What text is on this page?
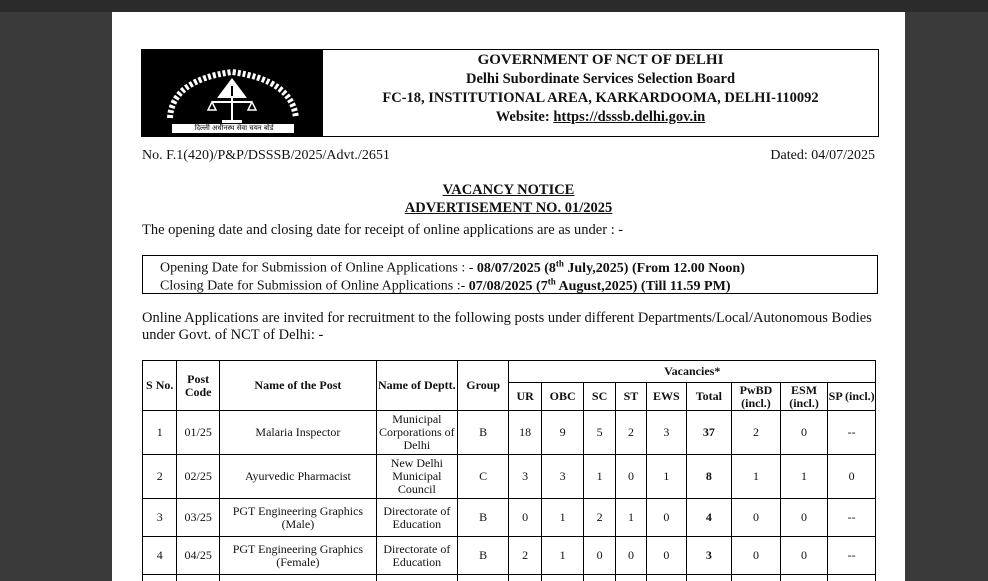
दिल्ली अधीनस्थ सेवा चयन बोर्ड
GOVERNMENT OF NCT OF DELHI
Delhi Subordinate Services Selection Board
FC-18, INSTITUTIONAL AREA, KARKARDOOMA, DELHI-110092
Website: https://dsssb.delhi.gov.in
No. F.1(420)/P&P/DSSSB/2025/Advt./2651	Dated: 04/07/2025
VACANCY NOTICE
ADVERTISEMENT NO. 01/2025
The opening date and closing date for receipt of online applications are as under : -
Opening Date for Submission of Online Applications : - 08/07/2025 (8th July,2025) (From 12.00 Noon)
Closing Date for Submission of Online Applications :- 07/08/2025 (7th August,2025) (Till 11.59 PM)
Online Applications are invited for recruitment to the following posts under different Departments/Local/Autonomous Bodies under Govt. of NCT of Delhi: -
S No.	Post Code	Name of the Post	Name of Deptt.	Group	Vacancies*								
					UR	OBC	SC	ST	EWS	Total	PwBD (incl.)	ESM (incl.)	SP (incl.)
1	01/25	Malaria Inspector	Municipal Corporations of Delhi	B	18	9	5	2	3	37	2	0	--
2	02/25	Ayurvedic Pharmacist	New Delhi Municipal Council	C	3	3	1	0	1	8	1	1	0
3	03/25	PGT Engineering Graphics (Male)	Directorate of Education	B	0	1	2	1	0	4	0	0	--
4	04/25	PGT Engineering Graphics (Female)	Directorate of Education	B	2	1	0	0	0	3	0	0	--
